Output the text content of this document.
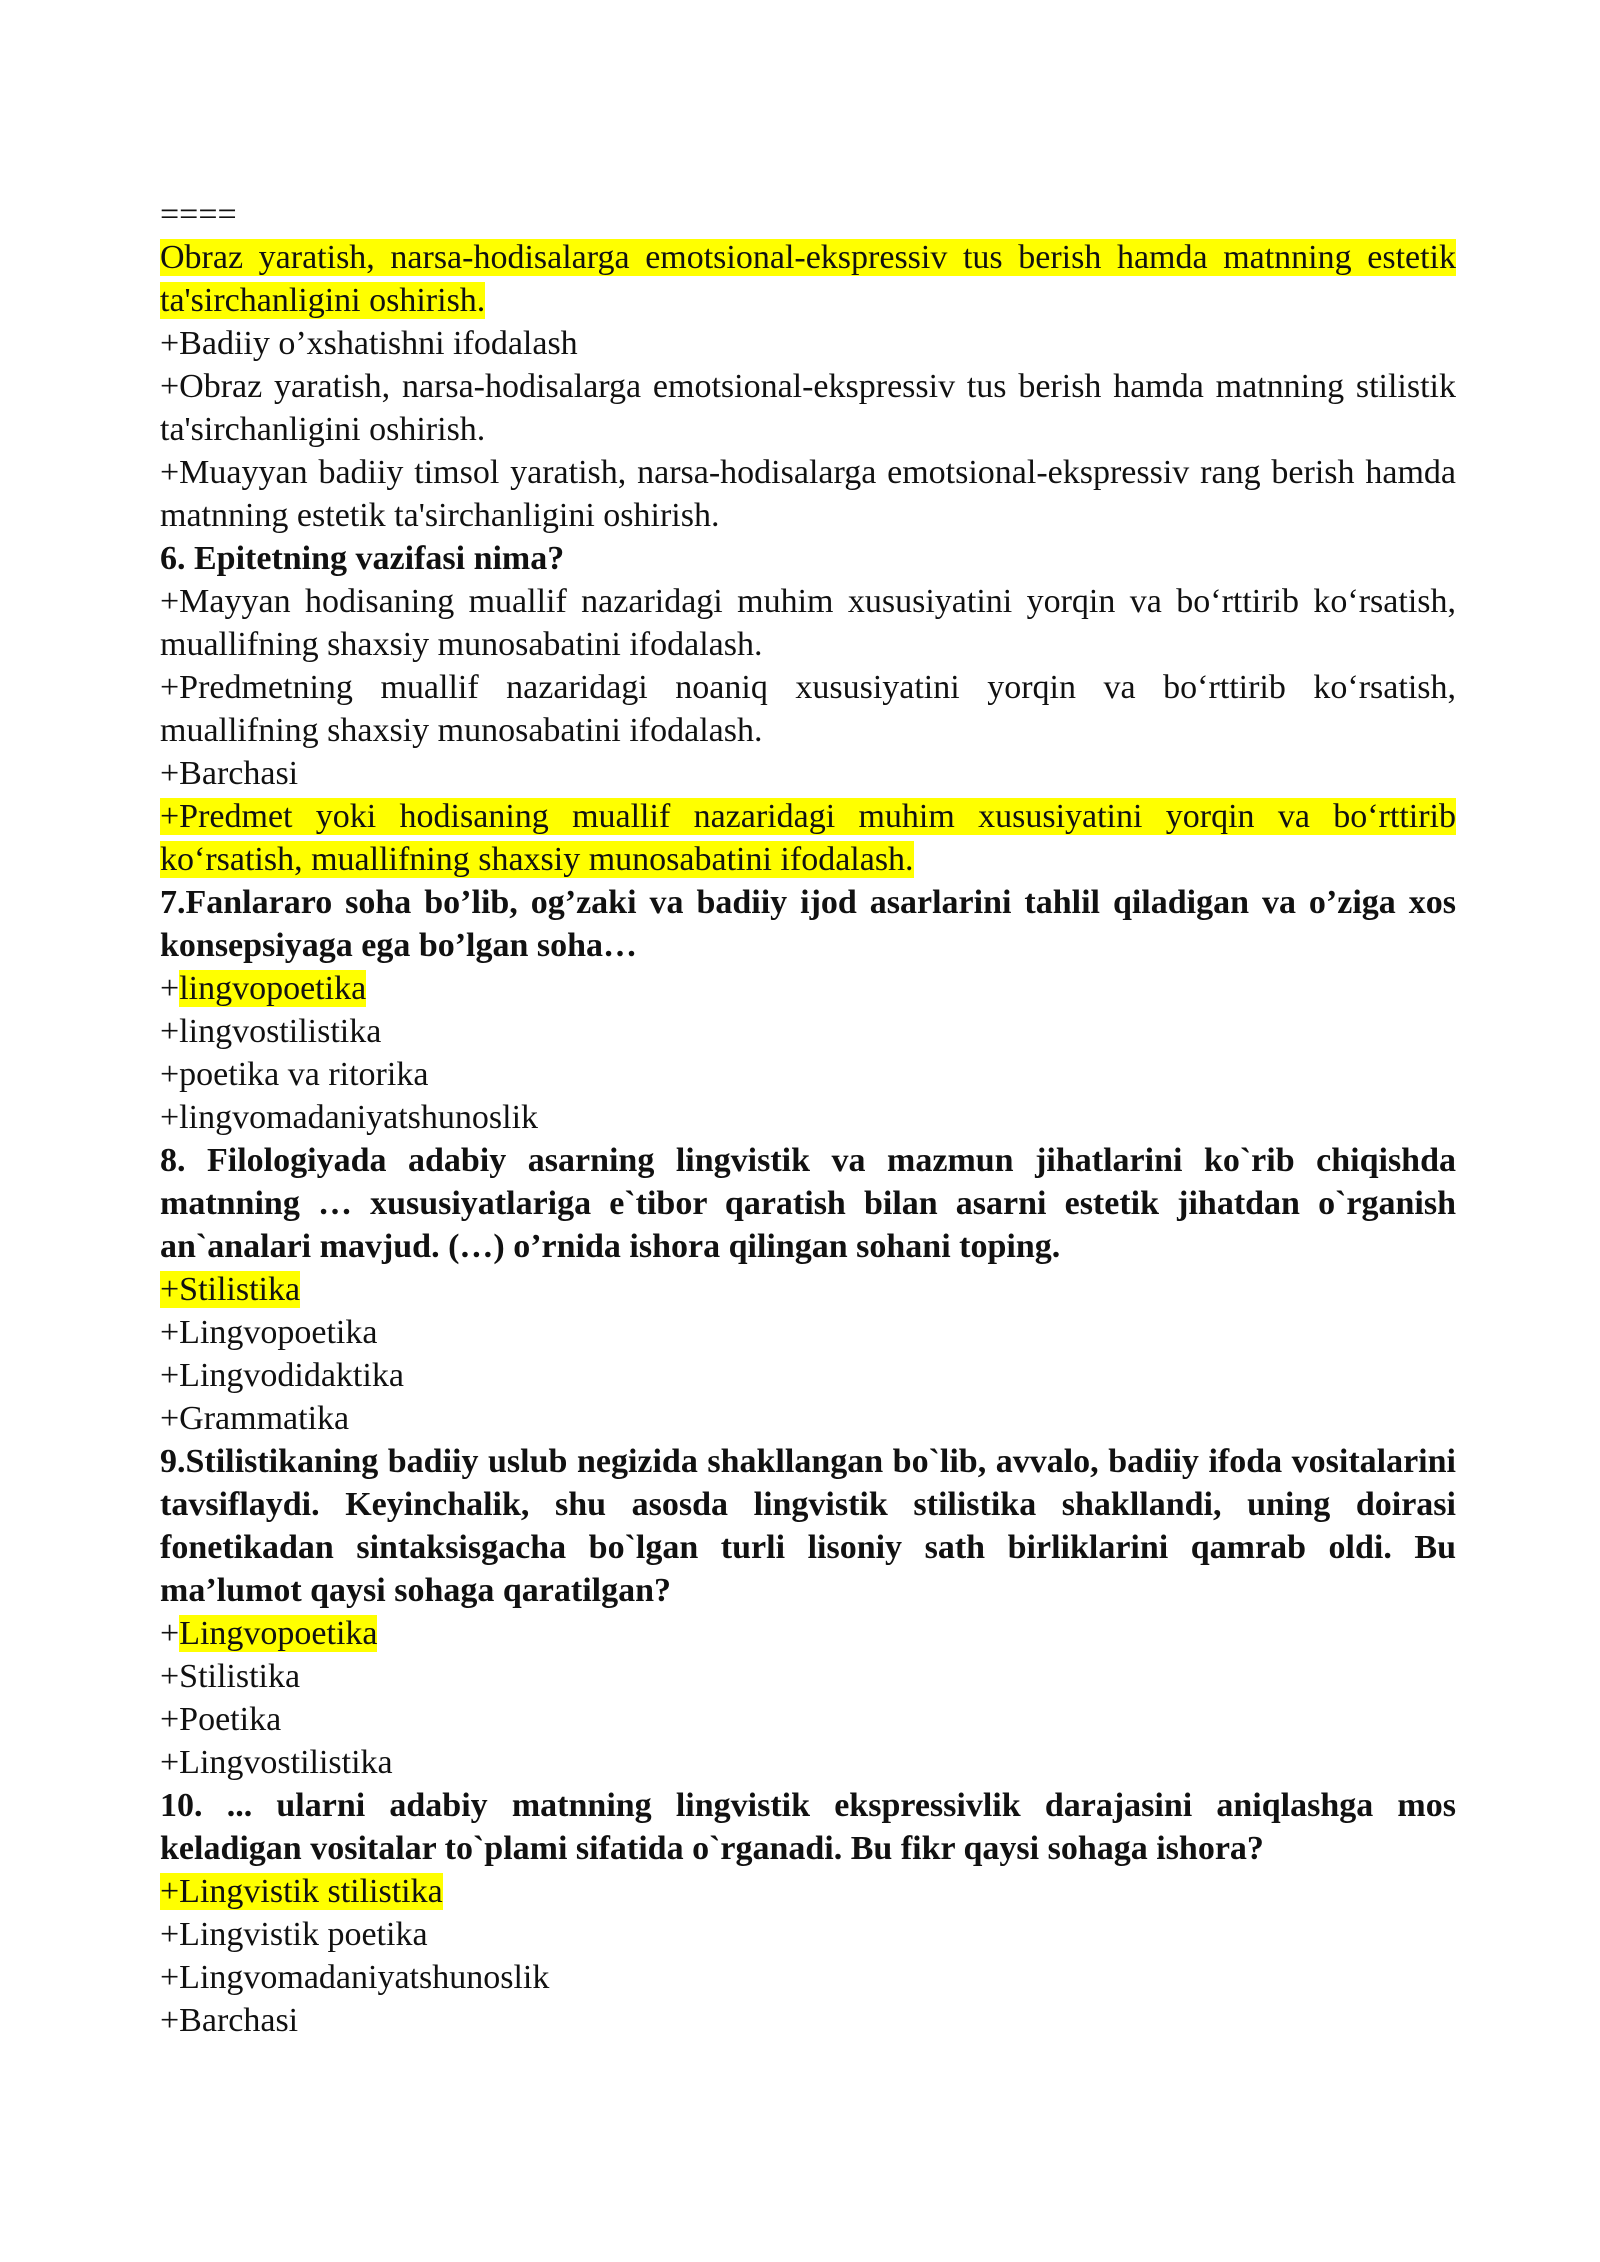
====

Obraz yaratish, narsa-hodisalarga emotsional-ekspressiv tus berish hamda matnning estetik ta'sirchanligini oshirish.

+Badiiy o’xshatishni ifodalash

+Obraz yaratish, narsa-hodisalarga emotsional-ekspressiv tus berish hamda matnning stilistik ta'sirchanligini oshirish.

+Muayyan badiiy timsol yaratish, narsa-hodisalarga emotsional-ekspressiv rang berish hamda matnning estetik ta'sirchanligini oshirish.

6. Epitetning vazifasi nima?

+Mayyan hodisaning muallif nazaridagi muhim xususiyatini yorqin va bo‘rttirib ko‘rsatish, muallifning shaxsiy munosabatini ifodalash.

+Predmetning muallif nazaridagi noaniq xususiyatini yorqin va bo‘rttirib ko‘rsatish, muallifning shaxsiy munosabatini ifodalash.

+Barchasi

+Predmet yoki hodisaning muallif nazaridagi muhim xususiyatini yorqin va bo‘rttirib ko‘rsatish, muallifning shaxsiy munosabatini ifodalash.

7.Fanlararo soha bo’lib, og’zaki va badiiy ijod asarlarini tahlil qiladigan va o’ziga xos konsepsiyaga ega bo’lgan soha…

+lingvopoetika

+lingvostilistika

+poetika va ritorika

+lingvomadaniyatshunoslik

8. Filologiyada adabiy asarning lingvistik va mazmun jihatlarini ko`rib chiqishda matnning … xususiyatlariga e`tibor qaratish bilan asarni estetik jihatdan o`rganish an`analari mavjud. (…) o’rnida ishora qilingan sohani toping.

+Stilistika

+Lingvopoetika

+Lingvodidaktika

+Grammatika

9.Stilistikaning badiiy uslub negizida shakllangan bo`lib, avvalo, badiiy ifoda vositalarini tavsiflaydi. Keyinchalik, shu asosda lingvistik stilistika shakllandi, uning doirasi fonetikadan sintaksisgacha bo`lgan turli lisoniy sath birliklarini qamrab oldi. Bu ma’lumot qaysi sohaga qaratilgan?

+Lingvopoetika

+Stilistika

+Poetika

+Lingvostilistika

10. ... ularni adabiy matnning lingvistik ekspressivlik darajasini aniqlashga mos keladigan vositalar to`plami sifatida o`rganadi. Bu fikr qaysi sohaga ishora?

+Lingvistik stilistika

+Lingvistik poetika

+Lingvomadaniyatshunoslik

+Barchasi
